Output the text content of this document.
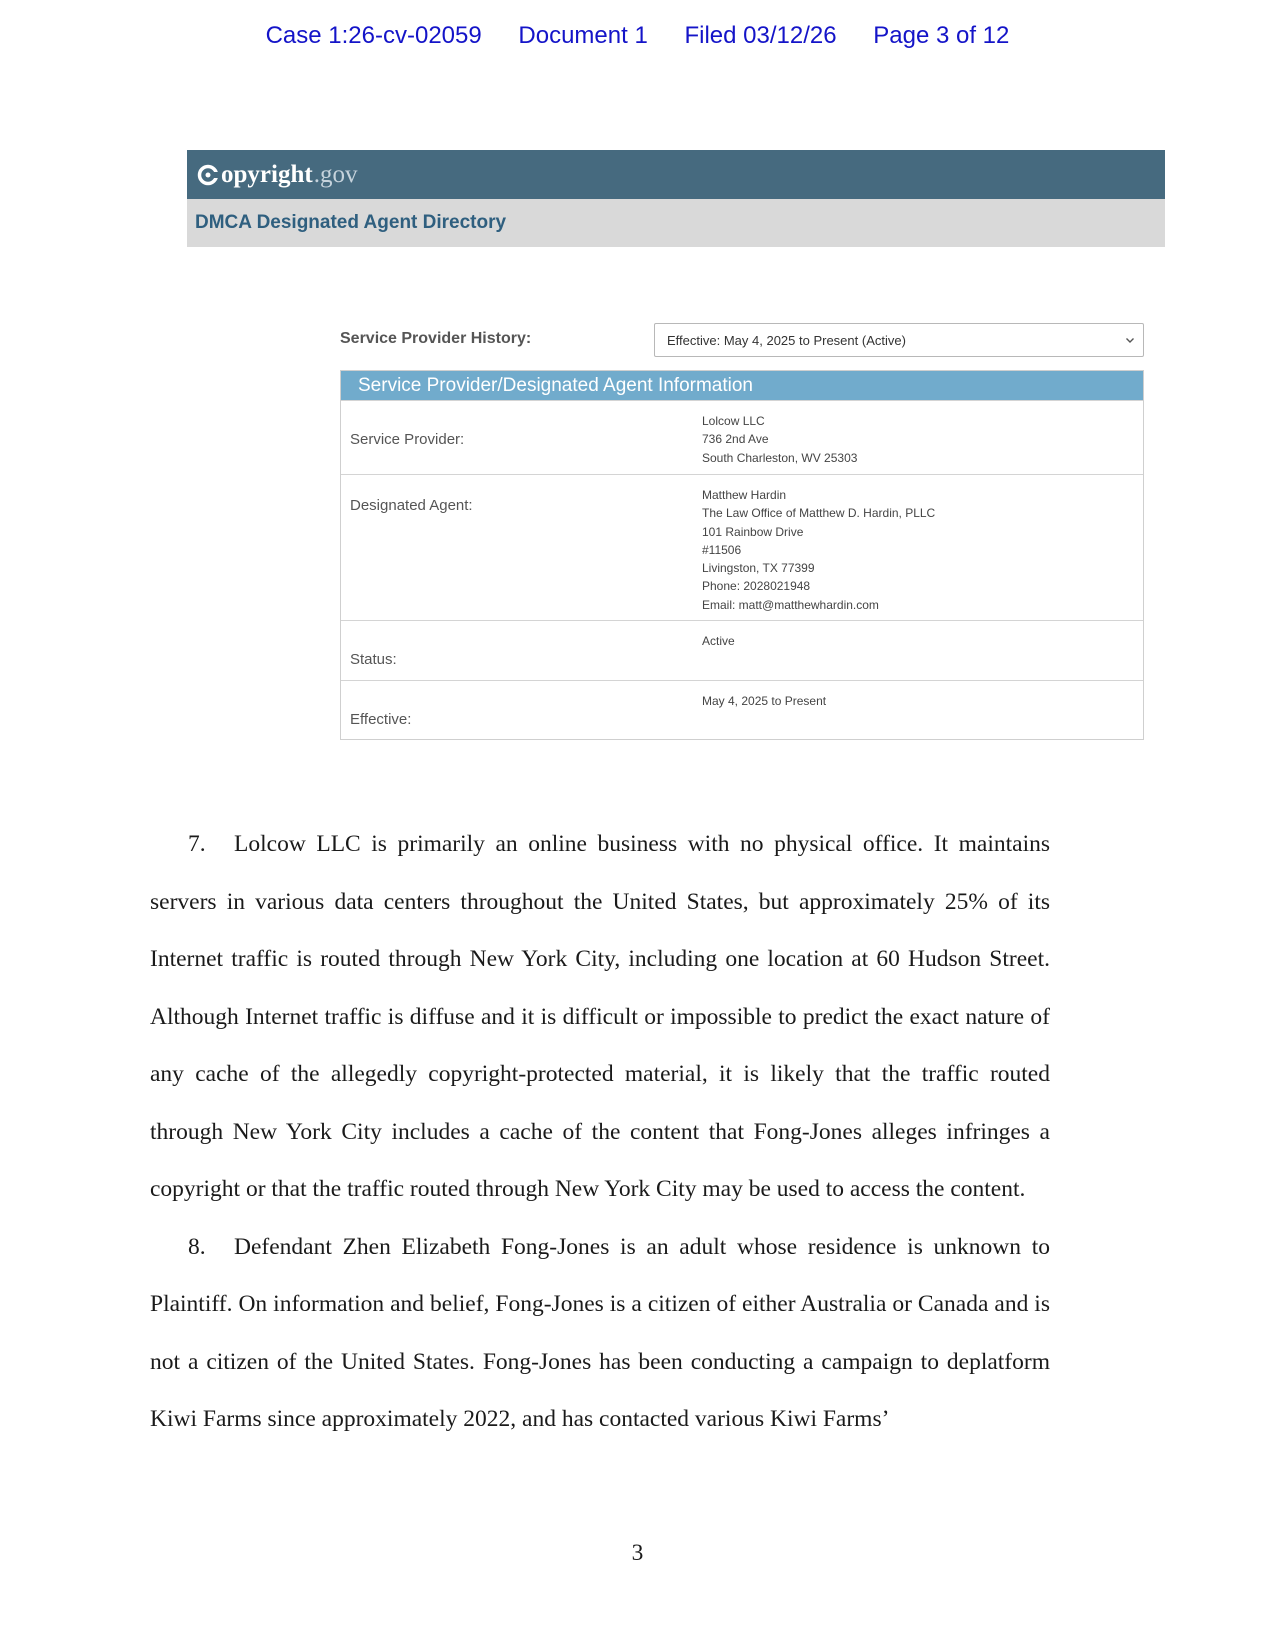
Case 1:26-cv-02059 Document 1 Filed 03/12/26 Page 3 of 12
opyright .gov
DMCA Designated Agent Directory
Service Provider History:	Effective: May 4, 2025 to Present (Active)
Service Provider/Designated Agent Information
Service Provider:
Lolcow LLC
736 2nd Ave
South Charleston, WV 25303
Designated Agent:
Matthew Hardin
The Law Office of Matthew D. Hardin, PLLC
101 Rainbow Drive
#11506
Livingston, TX 77399
Phone: 2028021948
Email: matt@matthewhardin.com
Status:
Active
Effective:
May 4, 2025 to Present

7. Lolcow LLC is primarily an online business with no physical office. It maintains servers in various data centers throughout the United States, but approximately 25% of its Internet traffic is routed through New York City, including one location at 60 Hudson Street. Although Internet traffic is diffuse and it is difficult or impossible to predict the exact nature of any cache of the allegedly copyright-protected material, it is likely that the traffic routed through New York City includes a cache of the content that Fong-Jones alleges infringes a copyright or that the traffic routed through New York City may be used to access the content.

8. Defendant Zhen Elizabeth Fong-Jones is an adult whose residence is unknown to Plaintiff. On information and belief, Fong-Jones is a citizen of either Australia or Canada and is not a citizen of the United States. Fong-Jones has been conducting a campaign to deplatform Kiwi Farms since approximately 2022, and has contacted various Kiwi Farms’

3
